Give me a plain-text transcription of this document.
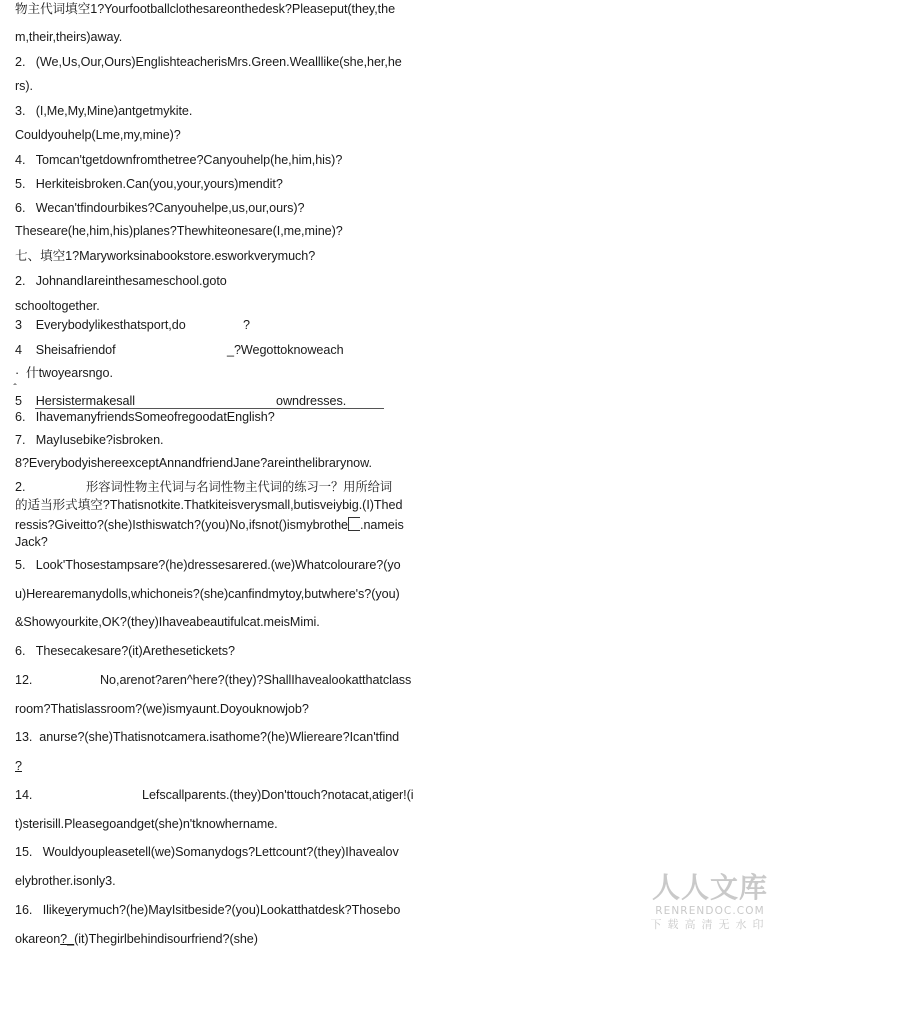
物主代词填空1?Yourfootballclothesareonthedesk?Pleaseput(they,the
m,their,theirs)away.
2.   (We,Us,Our,Ours)EnglishteacherisMrs.Green.Wealllike(she,her,he
rs).
3.   (I,Me,My,Mine)antgetmykite.
Couldyouhelp(Lme,my,mine)?
4.   Tomcan'tgetdownfromthetree?Canyouhelp(he,him,his)?
5.   Herkiteisbroken.Can(you,your,yours)mendit?
6.   Wecan'tfindourbikes?Canyouhelpe,us,our,ours)?
Theseare(he,him,his)planes?Thewhiteonesare(I,me,mine)?
七、填空1?Maryworksinabookstore.esworkverymuch?
2.   JohnandIareinthesameschool.goto
schooltogether.
3    Everybodylikesthatsport,do	?
4    Sheisafriendof	_?Wegottoknoweach
·  什twoyearsngo.
5    Hersistermakesall	owndresses.
6.   IhavemanyfriendsSomeofregoodatEnglish?
7.   MayIusebike?isbroken.
8?EverybodyishereexceptAnnandfriendJane?areinthelibrarynow.
2.	形容词性物主代词与名词性物主代词的练习一？用所给词
的适当形式填空?Thatisnotkite.Thatkiteisverysmall,butisveiybig.(I)Thed
ressis?Giveitto?(she)Isthiswatch?(you)No,ifsnot()ismybrothe .nameis
Jack?
5.   Look'Thosestampsare?(he)dressesarered.(we)Whatcolourare?(yo
u)Herearemanydolls,whichoneis?(she)canfindmytoy,butwhere's?(you)
&Showyourkite,OK?(they)Ihaveabeautifulcat.meisMimi.
6.   Thesecakesare?(it)Arethesetickets?
12.	No,arenot?aren^here?(they)?ShallIhavealookatthatclass
room?Thatislassroom?(we)ismyaunt.Doyouknowjob?
13.  anurse?(she)Thatisnotcamera.isathome?(he)Wliereare?Ican'tfind
?
14.	Lefscallparents.(they)Don'ttouch?notacat,atiger!(i
t)sterisill.Pleasegoandget(she)n'tknowhername.
15.   Wouldyoupleasetell(we)Somanydogs?Lettcount?(they)Ihavealov
elybrother.isonly3.
16.   Ilikeverymuch?(he)MayIsitbeside?(you)Lookatthatdesk?Thosebo
okareon?_(it)Thegirlbehindisourfriend?(she)
人人文库
RENRENDOC.COM
下载高清无水印
